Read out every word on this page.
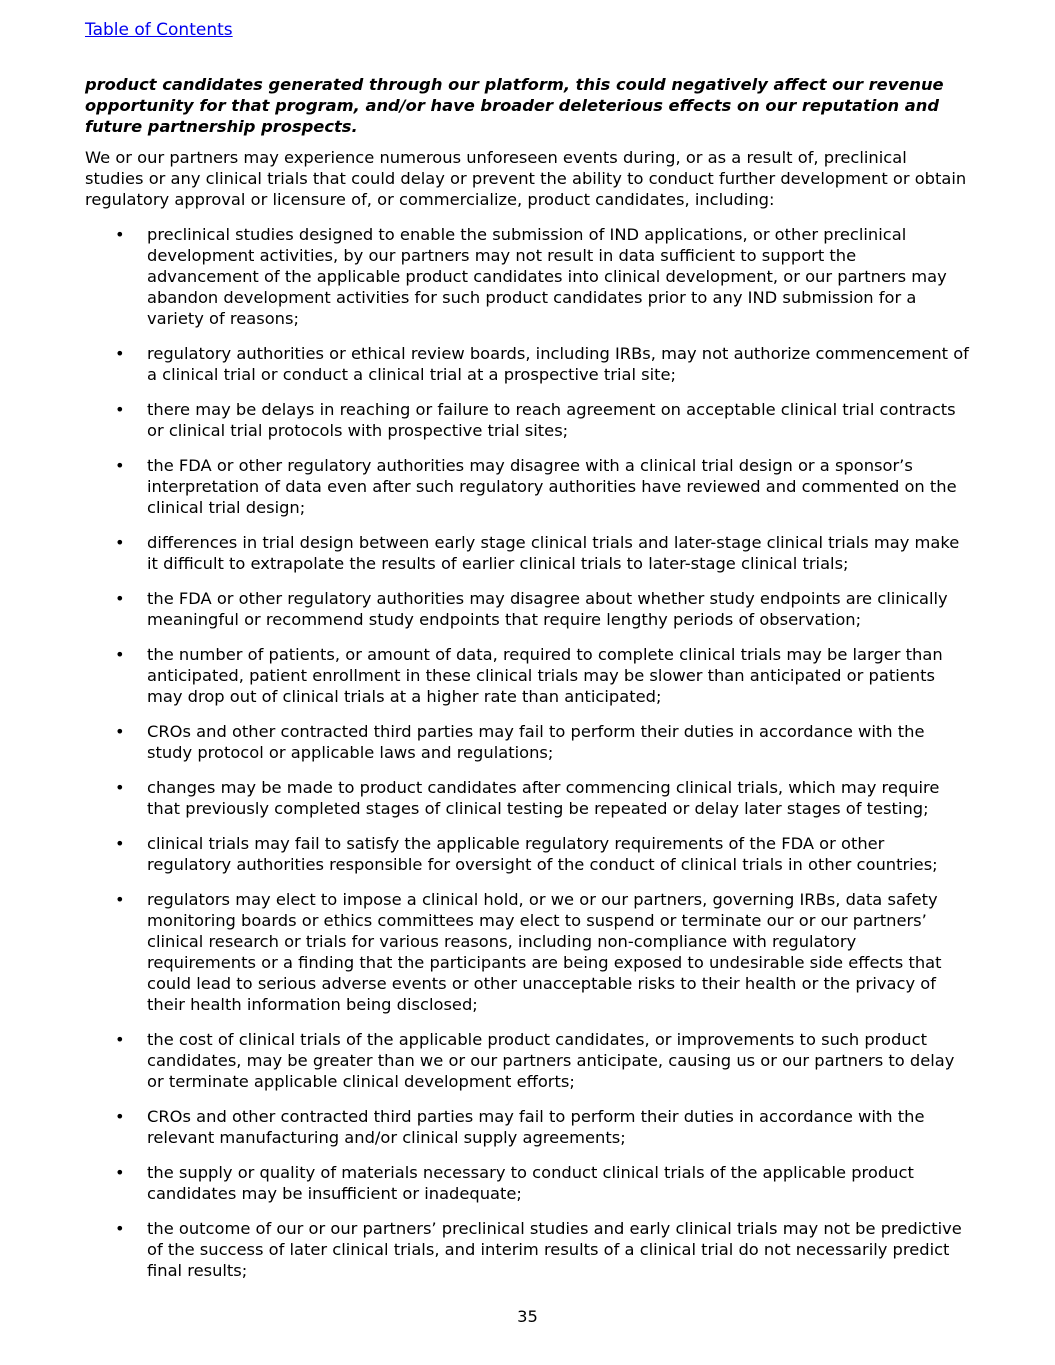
Table of Contents

product candidates generated through our platform, this could negatively affect our revenue opportunity for that program, and/or have broader deleterious effects on our reputation and future partnership prospects.

We or our partners may experience numerous unforeseen events during, or as a result of, preclinical studies or any clinical trials that could delay or prevent the ability to conduct further development or obtain regulatory approval or licensure of, or commercialize, product candidates, including:

• preclinical studies designed to enable the submission of IND applications, or other preclinical development activities, by our partners may not result in data sufficient to support the advancement of the applicable product candidates into clinical development, or our partners may abandon development activities for such product candidates prior to any IND submission for a variety of reasons;
• regulatory authorities or ethical review boards, including IRBs, may not authorize commencement of a clinical trial or conduct a clinical trial at a prospective trial site;
• there may be delays in reaching or failure to reach agreement on acceptable clinical trial contracts or clinical trial protocols with prospective trial sites;
• the FDA or other regulatory authorities may disagree with a clinical trial design or a sponsor’s interpretation of data even after such regulatory authorities have reviewed and commented on the clinical trial design;
• differences in trial design between early stage clinical trials and later-stage clinical trials may make it difficult to extrapolate the results of earlier clinical trials to later-stage clinical trials;
• the FDA or other regulatory authorities may disagree about whether study endpoints are clinically meaningful or recommend study endpoints that require lengthy periods of observation;
• the number of patients, or amount of data, required to complete clinical trials may be larger than anticipated, patient enrollment in these clinical trials may be slower than anticipated or patients may drop out of clinical trials at a higher rate than anticipated;
• CROs and other contracted third parties may fail to perform their duties in accordance with the study protocol or applicable laws and regulations;
• changes may be made to product candidates after commencing clinical trials, which may require that previously completed stages of clinical testing be repeated or delay later stages of testing;
• clinical trials may fail to satisfy the applicable regulatory requirements of the FDA or other regulatory authorities responsible for oversight of the conduct of clinical trials in other countries;
• regulators may elect to impose a clinical hold, or we or our partners, governing IRBs, data safety monitoring boards or ethics committees may elect to suspend or terminate our or our partners’ clinical research or trials for various reasons, including non-compliance with regulatory requirements or a finding that the participants are being exposed to undesirable side effects that could lead to serious adverse events or other unacceptable risks to their health or the privacy of their health information being disclosed;
• the cost of clinical trials of the applicable product candidates, or improvements to such product candidates, may be greater than we or our partners anticipate, causing us or our partners to delay or terminate applicable clinical development efforts;
• CROs and other contracted third parties may fail to perform their duties in accordance with the relevant manufacturing and/or clinical supply agreements;
• the supply or quality of materials necessary to conduct clinical trials of the applicable product candidates may be insufficient or inadequate;
• the outcome of our or our partners’ preclinical studies and early clinical trials may not be predictive of the success of later clinical trials, and interim results of a clinical trial do not necessarily predict final results;
35
